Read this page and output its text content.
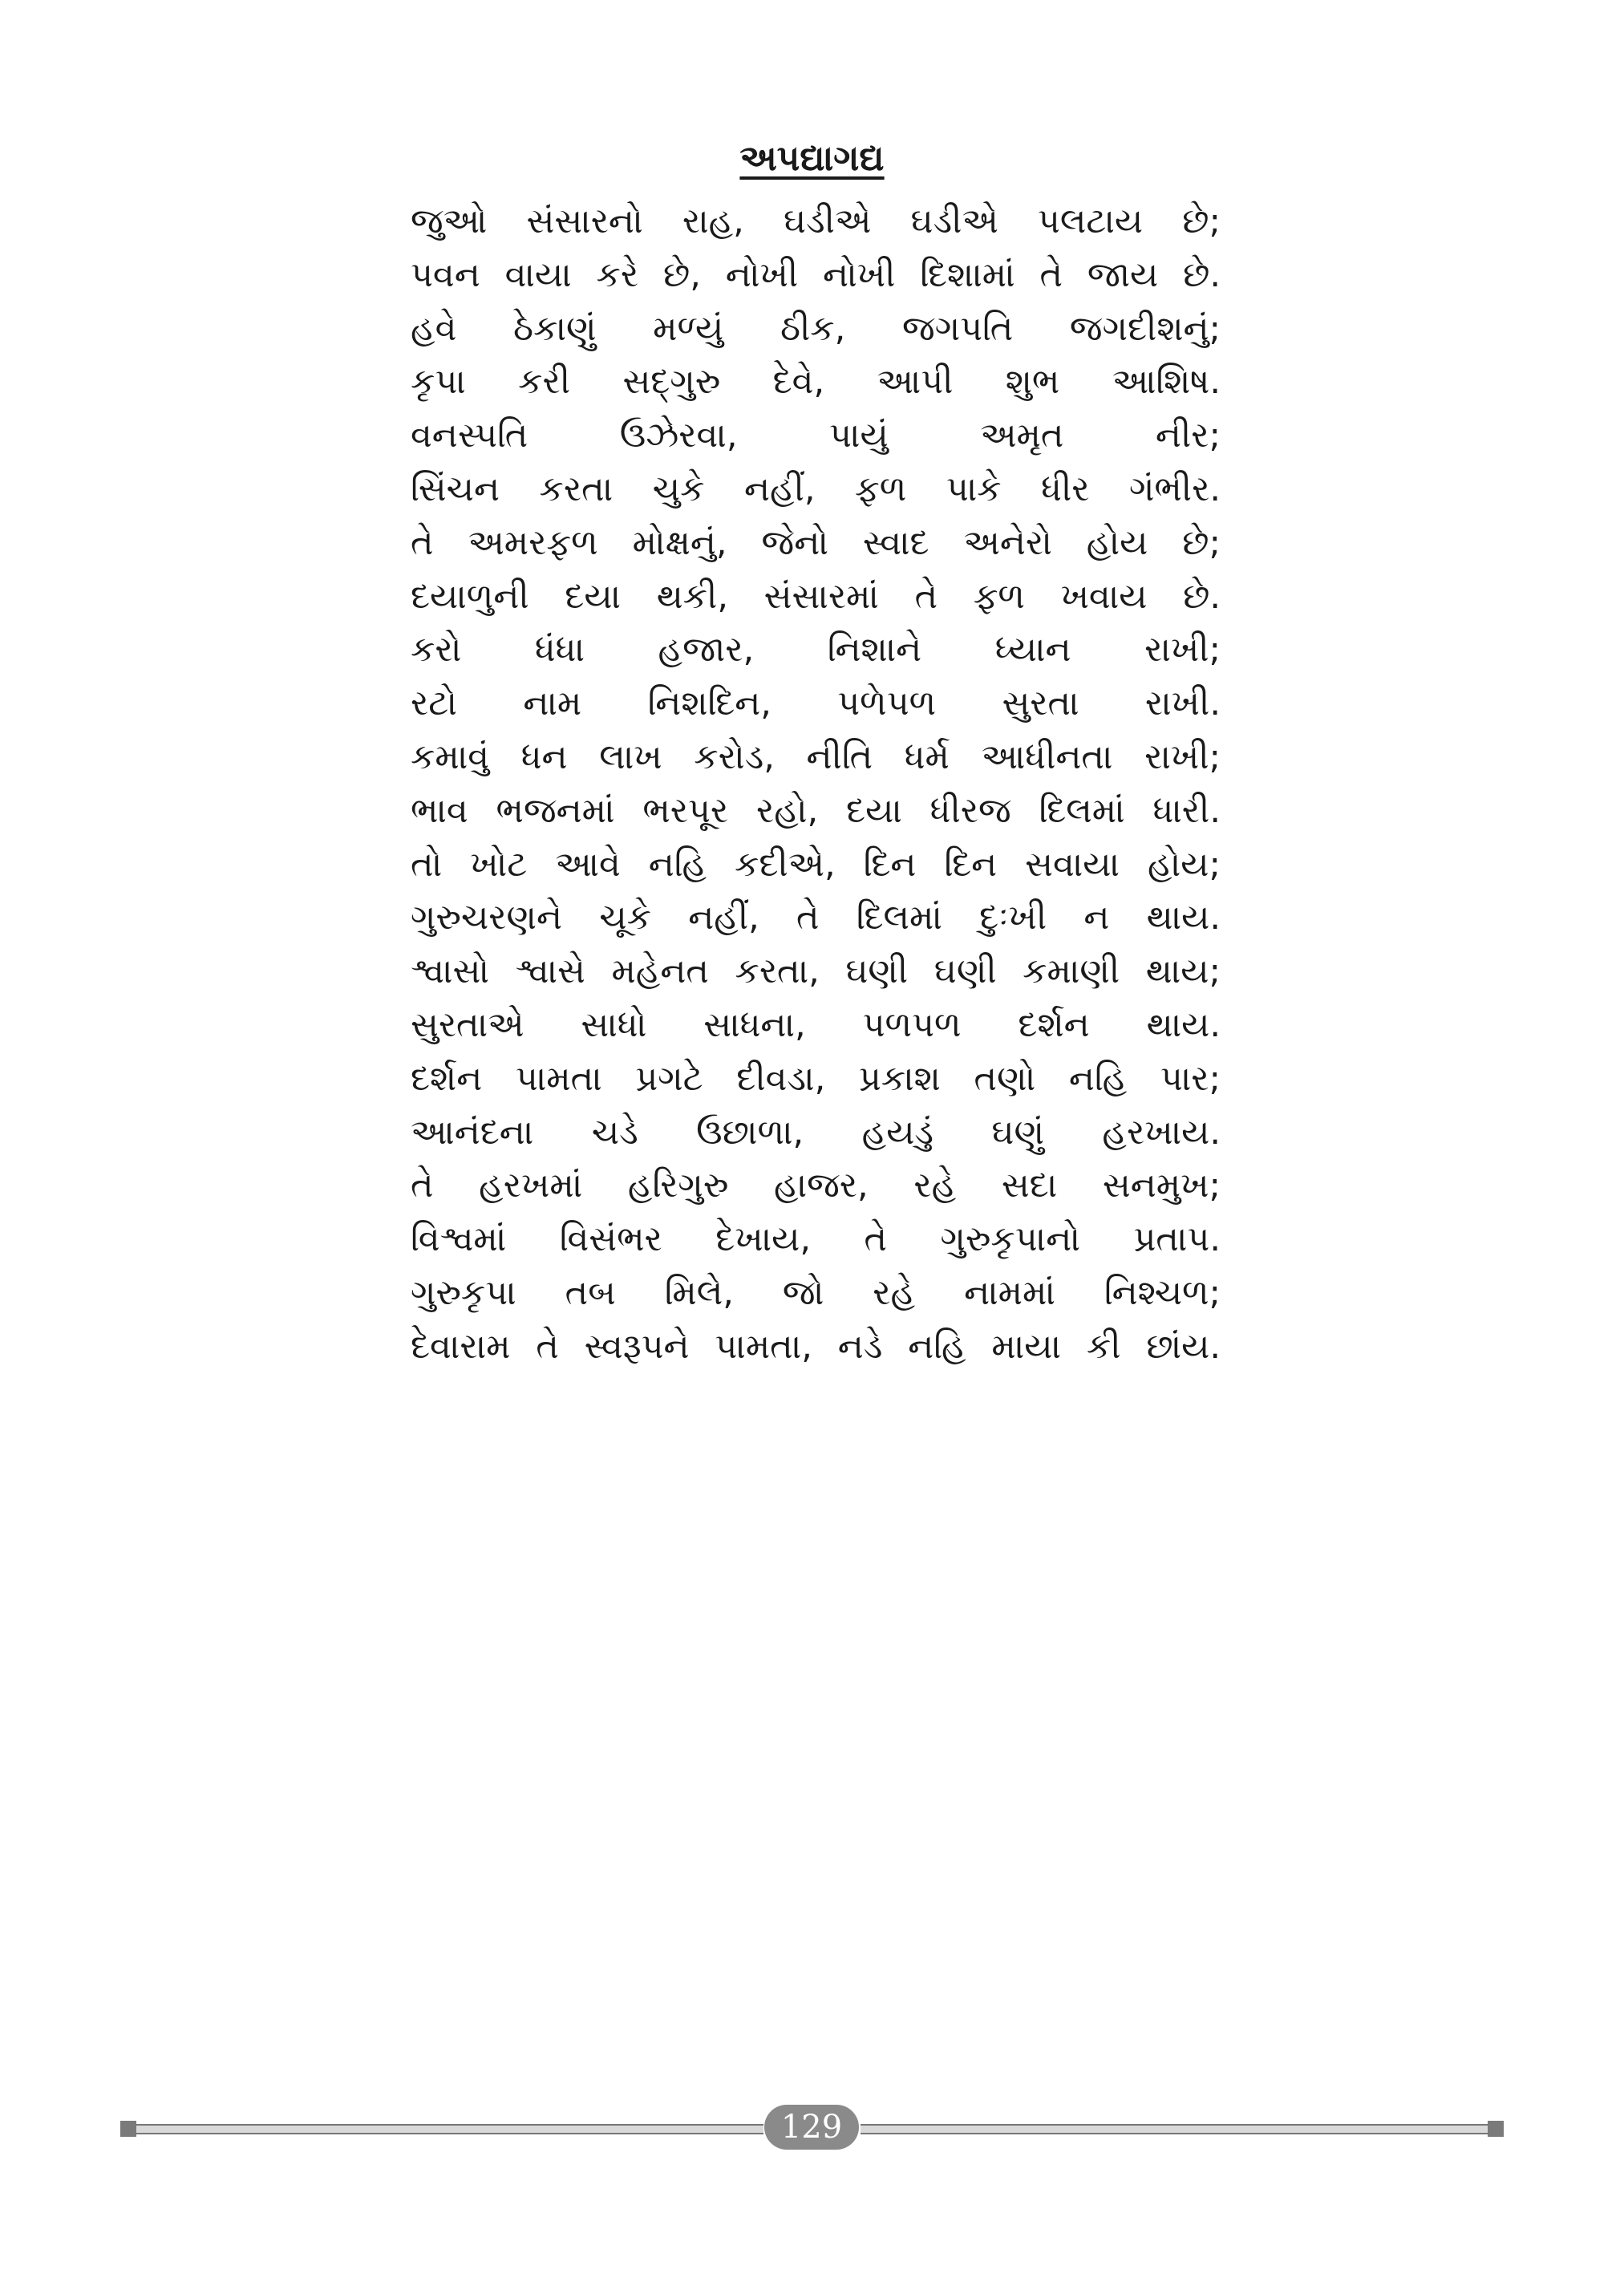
અપદ્યાગદ્ય
જુઓ સંસારનો રાહ, ઘડીએ ઘડીએ પલટાય છે;
પવન વાયા કરે છે, નોખી નોખી દિશામાં તે જાય છે.
હવે ઠેકાણું મળ્યું ઠીક, જગપતિ જગદીશનું;
કૃપા કરી સદ્‌ગુરુ દેવે, આપી શુભ આશિષ.
વનસ્પતિ ઉઝેરવા, પાયું અમૃત નીર;
સિંચન કરતા ચુકે નહીં, ફળ પાકે ધીર ગંભીર.
તે અમરફળ મોક્ષનું, જેનો સ્વાદ અનેરો હોય છે;
દયાળુની દયા થકી, સંસારમાં તે ફળ ખવાય છે.
કરો ધંધા હજાર, નિશાને ધ્યાન રાખી;
રટો નામ નિશદિન, પળેપળ સુરતા રાખી.
કમાવું ધન લાખ કરોડ, નીતિ ધર્મ આધીનતા રાખી;
ભાવ ભજનમાં ભરપૂર રહો, દયા ધીરજ દિલમાં ધારી.
તો ખોટ આવે નહિ કદીએ, દિન દિન સવાયા હોય;
ગુરુચરણને ચૂકે નહીં, તે દિલમાં દુઃખી ન થાય.
શ્વાસો શ્વાસે મહેનત કરતા, ઘણી ઘણી કમાણી થાય;
સુરતાએ સાધો સાધના, પળપળ દર્શન થાય.
દર્શન પામતા પ્રગટે દીવડા, પ્રકાશ તણો નહિ પાર;
આનંદના ચડે ઉછાળા, હયડું ઘણું હરખાય.
તે હરખમાં હરિગુરુ હાજર, રહે સદા સનમુખ;
વિશ્વમાં વિસંભર દેખાય, તે ગુરુકૃપાનો પ્રતાપ.
ગુરુકૃપા તબ મિલે, જો રહે નામમાં નિશ્ચળ;
દેવારામ તે સ્વરૂપને પામતા, નડે નહિ માયા કી છાંય.
129
